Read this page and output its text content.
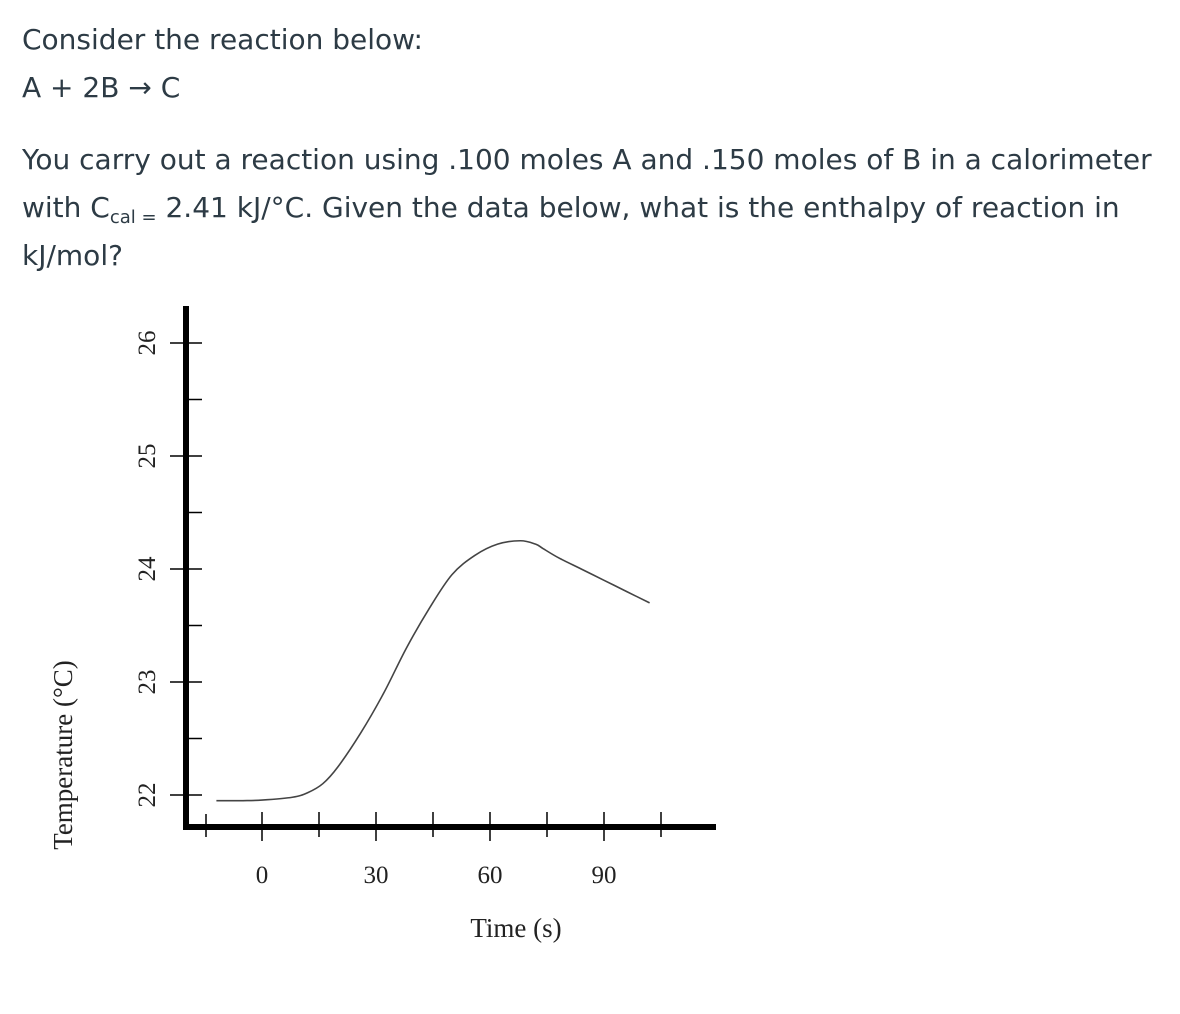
Consider the reaction below:
A + 2B → C
You carry out a reaction using .100 moles A and .150 moles of B in a calorimeter with $C_{cal =}$ 2.41 kJ/°C. Given the data below, what is the enthalpy of reaction in kJ/mol?
22
23
24
25
26
0	30	60	90
Time (s)
Temperature (°C)
